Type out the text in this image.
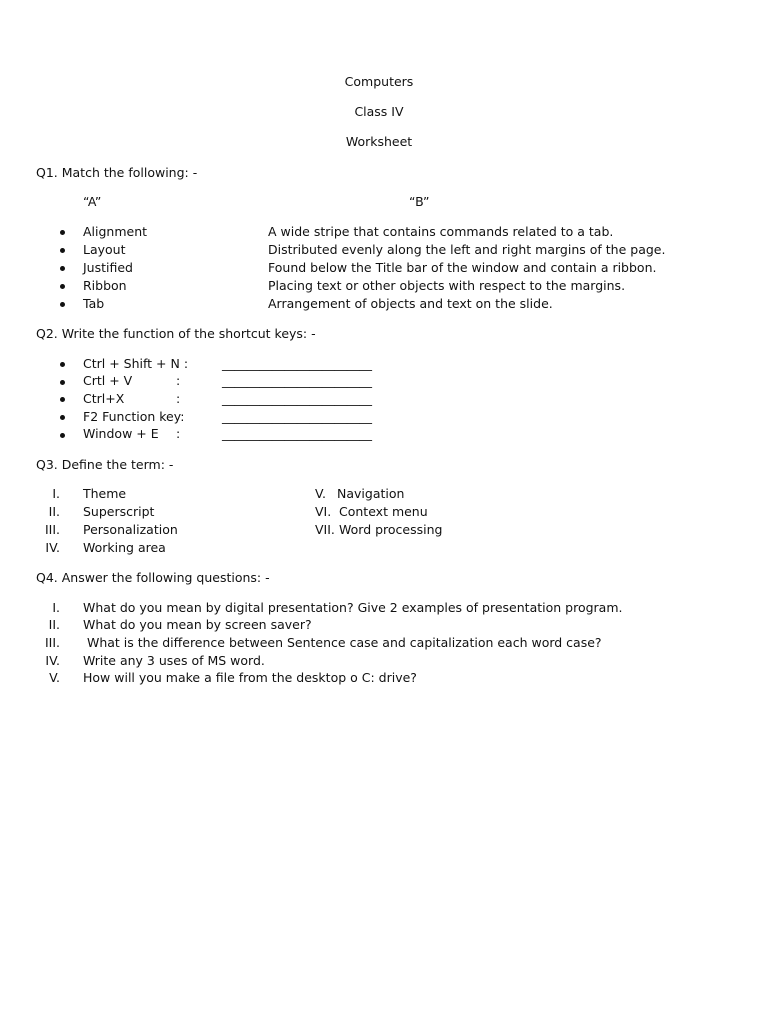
Computers
Class IV
Worksheet
Q1. Match the following: -
“A”	“B”
Alignment	A wide stripe that contains commands related to a tab.
Layout	Distributed evenly along the left and right margins of the page.
Justified	Found below the Title bar of the window and contain a ribbon.
Ribbon	Placing text or other objects with respect to the margins.
Tab	Arrangement of objects and text on the slide.
Q2. Write the function of the shortcut keys: -
Ctrl + Shift + N :	________________________
Crtl + V	:	________________________
Ctrl+X	:	________________________
F2 Function key:	________________________
Window + E :	________________________
Q3. Define the term: -
I. Theme
II. Superscript
III. Personalization
IV. Working area
V. Navigation
VI. Context menu
VII. Word processing
Q4. Answer the following questions: -
I. What do you mean by digital presentation? Give 2 examples of presentation program.
II. What do you mean by screen saver?
III. What is the difference between Sentence case and capitalization each word case?
IV. Write any 3 uses of MS word.
V. How will you make a file from the desktop o C: drive?
